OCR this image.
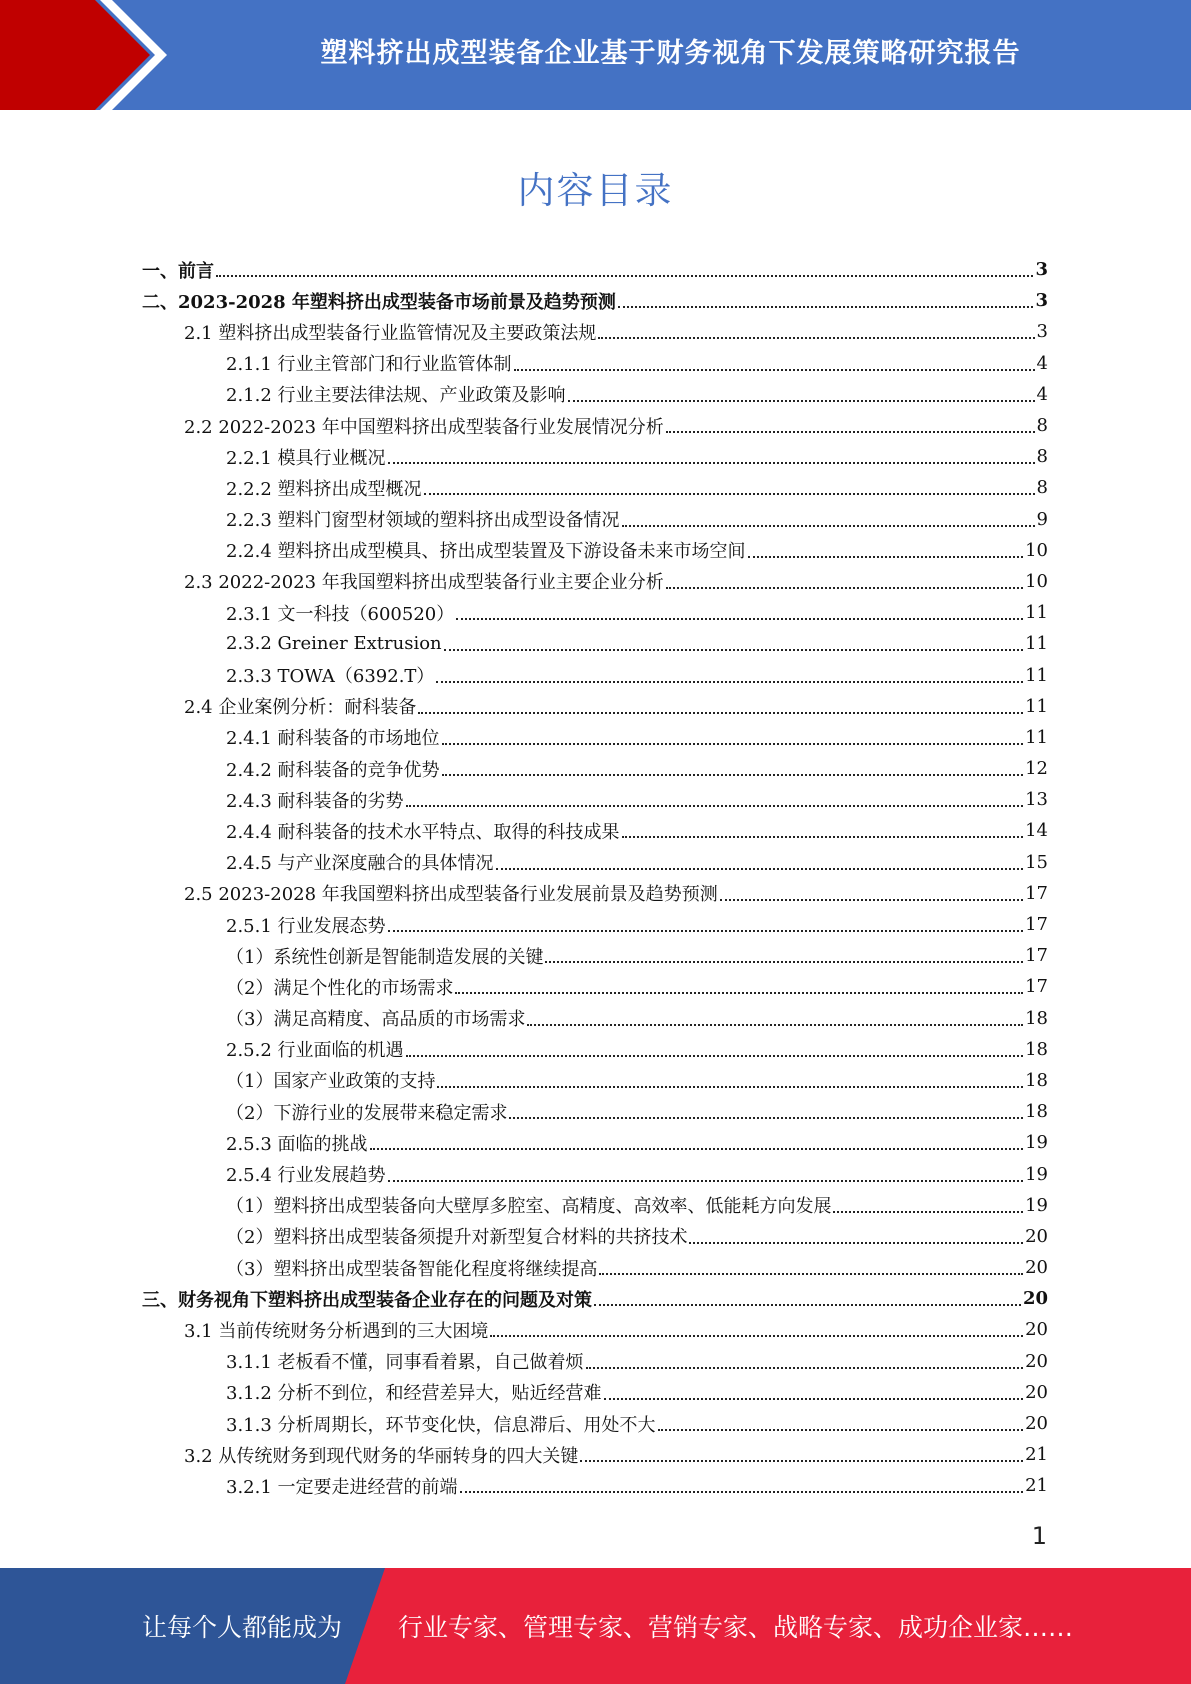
塑料挤出成型装备企业基于财务视角下发展策略研究报告
内容目录
一、前言	3
二、2023-2028 年塑料挤出成型装备市场前景及趋势预测	3
2.1 塑料挤出成型装备行业监管情况及主要政策法规	3
2.1.1 行业主管部门和行业监管体制	4
2.1.2 行业主要法律法规、产业政策及影响	4
2.2 2022-2023 年中国塑料挤出成型装备行业发展情况分析	8
2.2.1 模具行业概况	8
2.2.2 塑料挤出成型概况	8
2.2.3 塑料门窗型材领域的塑料挤出成型设备情况	9
2.2.4 塑料挤出成型模具、挤出成型装置及下游设备未来市场空间	10
2.3 2022-2023 年我国塑料挤出成型装备行业主要企业分析	10
2.3.1 文一科技（600520）	11
2.3.2 Greiner Extrusion	11
2.3.3 TOWA（6392.T）	11
2.4 企业案例分析：耐科装备	11
2.4.1 耐科装备的市场地位	11
2.4.2 耐科装备的竞争优势	12
2.4.3 耐科装备的劣势	13
2.4.4 耐科装备的技术水平特点、取得的科技成果	14
2.4.5 与产业深度融合的具体情况	15
2.5 2023-2028 年我国塑料挤出成型装备行业发展前景及趋势预测	17
2.5.1 行业发展态势	17
（1）系统性创新是智能制造发展的关键	17
（2）满足个性化的市场需求	17
（3）满足高精度、高品质的市场需求	18
2.5.2 行业面临的机遇	18
（1）国家产业政策的支持	18
（2）下游行业的发展带来稳定需求	18
2.5.3 面临的挑战	19
2.5.4 行业发展趋势	19
（1）塑料挤出成型装备向大壁厚多腔室、高精度、高效率、低能耗方向发展	19
（2）塑料挤出成型装备须提升对新型复合材料的共挤技术	20
（3）塑料挤出成型装备智能化程度将继续提高	20
三、财务视角下塑料挤出成型装备企业存在的问题及对策	20
3.1 当前传统财务分析遇到的三大困境	20
3.1.1 老板看不懂，同事看着累，自己做着烦	20
3.1.2 分析不到位，和经营差异大，贴近经营难	20
3.1.3 分析周期长，环节变化快，信息滞后、用处不大	20
3.2 从传统财务到现代财务的华丽转身的四大关键	21
3.2.1 一定要走进经营的前端	21
1
让每个人都能成为 行业专家、管理专家、营销专家、战略专家、成功企业家……
